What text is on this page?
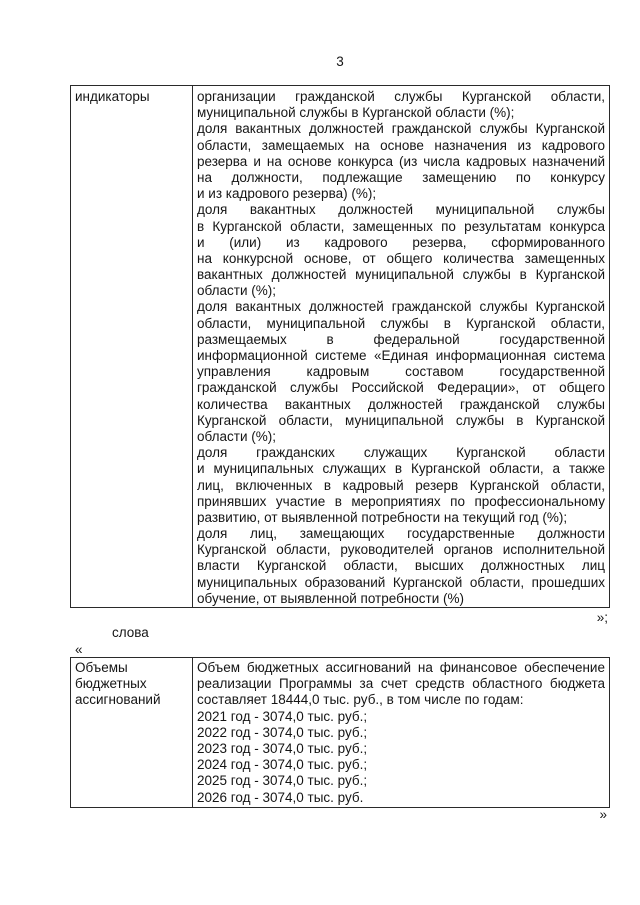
3
индикаторы	организации гражданской службы Курганской области,
муниципальной службы в Курганской области (%);
доля вакантных должностей гражданской службы Курганской
области, замещаемых на основе назначения из кадрового
резерва и на основе конкурса (из числа кадровых назначений
на должности, подлежащие замещению по конкурсу
и из кадрового резерва) (%);
доля вакантных должностей муниципальной службы
в Курганской области, замещенных по результатам конкурса
и (или) из кадрового резерва, сформированного
на конкурсной основе, от общего количества замещенных
вакантных должностей муниципальной службы в Курганской
области (%);
доля вакантных должностей гражданской службы Курганской
области, муниципальной службы в Курганской области,
размещаемых в федеральной государственной
информационной системе «Единая информационная система
управления кадровым составом государственной
гражданской службы Российской Федерации», от общего
количества вакантных должностей гражданской службы
Курганской области, муниципальной службы в Курганской
области (%);
доля гражданских служащих Курганской области
и муниципальных служащих в Курганской области, а также
лиц, включенных в кадровый резерв Курганской области,
принявших участие в мероприятиях по профессиональному
развитию, от выявленной потребности на текущий год (%);
доля лиц, замещающих государственные должности
Курганской области, руководителей органов исполнительной
власти Курганской области, высших должностных лиц
муниципальных образований Курганской области, прошедших
обучение, от выявленной потребности (%)
»;
слова
«
Объемы
бюджетных
ассигнований
Объем бюджетных ассигнований на финансовое обеспечение
реализации Программы за счет средств областного бюджета
составляет 18444,0 тыс. руб., в том числе по годам:
2021 год - 3074,0 тыс. руб.;
2022 год - 3074,0 тыс. руб.;
2023 год - 3074,0 тыс. руб.;
2024 год - 3074,0 тыс. руб.;
2025 год - 3074,0 тыс. руб.;
2026 год - 3074,0 тыс. руб.
»
